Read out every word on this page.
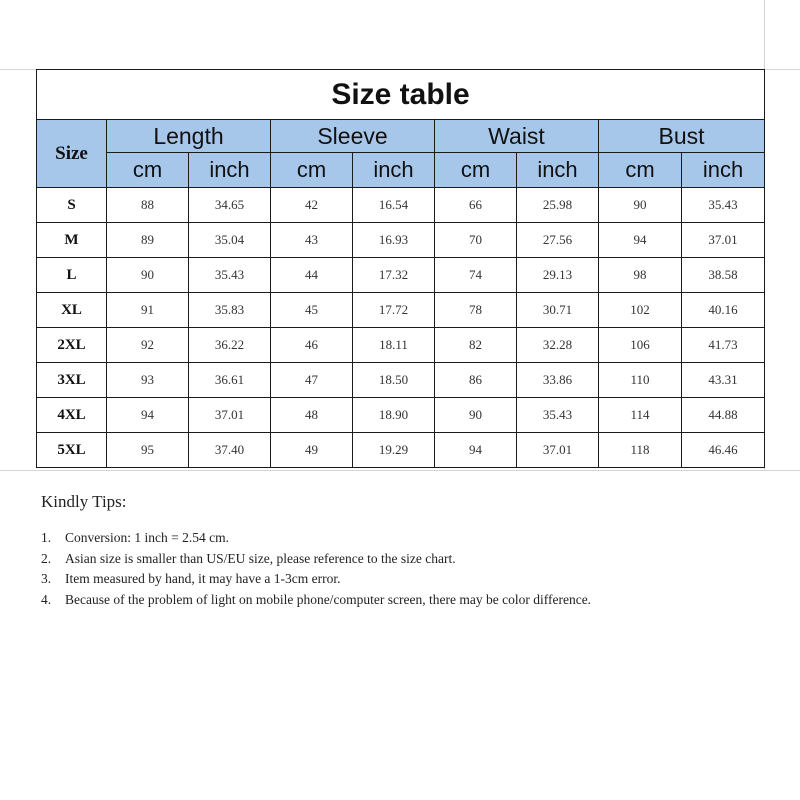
Size table								
Size	Length		Sleeve		Waist		Bust	
	cm	inch	cm	inch	cm	inch	cm	inch
S	88	34.65	42	16.54	66	25.98	90	35.43
M	89	35.04	43	16.93	70	27.56	94	37.01
L	90	35.43	44	17.32	74	29.13	98	38.58
XL	91	35.83	45	17.72	78	30.71	102	40.16
2XL	92	36.22	46	18.11	82	32.28	106	41.73
3XL	93	36.61	47	18.50	86	33.86	110	43.31
4XL	94	37.01	48	18.90	90	35.43	114	44.88
5XL	95	37.40	49	19.29	94	37.01	118	46.46
Kindly Tips:
1.	Conversion: 1 inch = 2.54 cm.
2.	Asian size is smaller than US/EU size, please reference to the size chart.
3.	Item measured by hand, it may have a 1-3cm error.
4.	Because of the problem of light on mobile phone/computer screen, there may be color difference.
